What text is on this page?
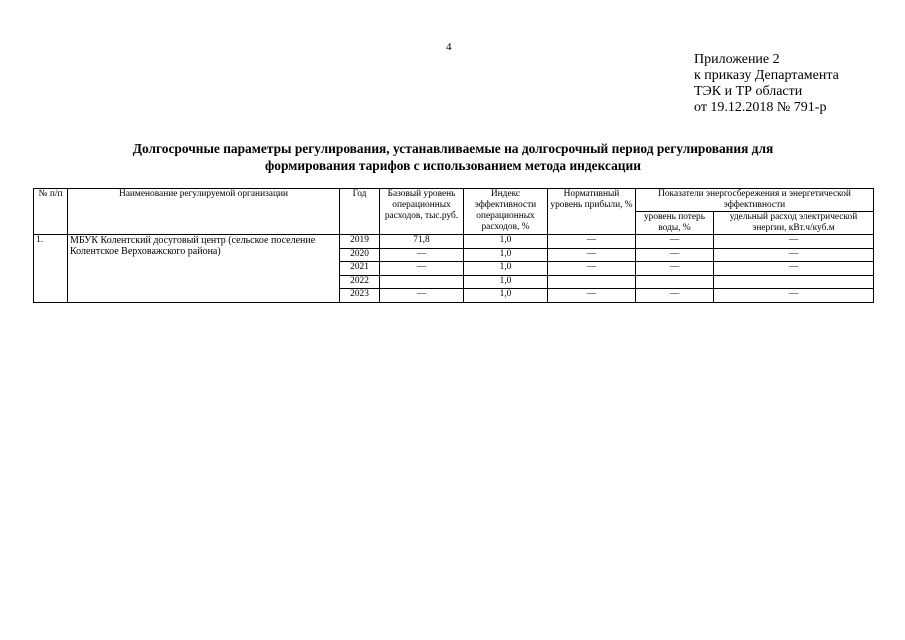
4
Приложение 2
к приказу Департамента
ТЭК и ТР области
от 19.12.2018 № 791-р
Долгосрочные параметры регулирования, устанавливаемые на долгосрочный период регулирования для
формирования тарифов с использованием метода индексации
№ п/п	Наименование регулируемой организации	Год	Базовый уровень операционных расходов, тыс.руб.	Индекс эффективности операционных расходов, %	Нормативный уровень прибыли, %	Показатели энергосбережения и энергетической эффективности	
						уровень потерь воды, %	удельный расход электрической энергии, кВт.ч/куб.м
1.	МБУК Колентский досуговый центр (сельское поселение Колентское Верховажского района)	2019	71,8	1,0	—	—	—
		2020	—	1,0	—	—	—
		2021	—	1,0	—	—	—
		2022		1,0			
		2023	—	1,0	—	—	—
